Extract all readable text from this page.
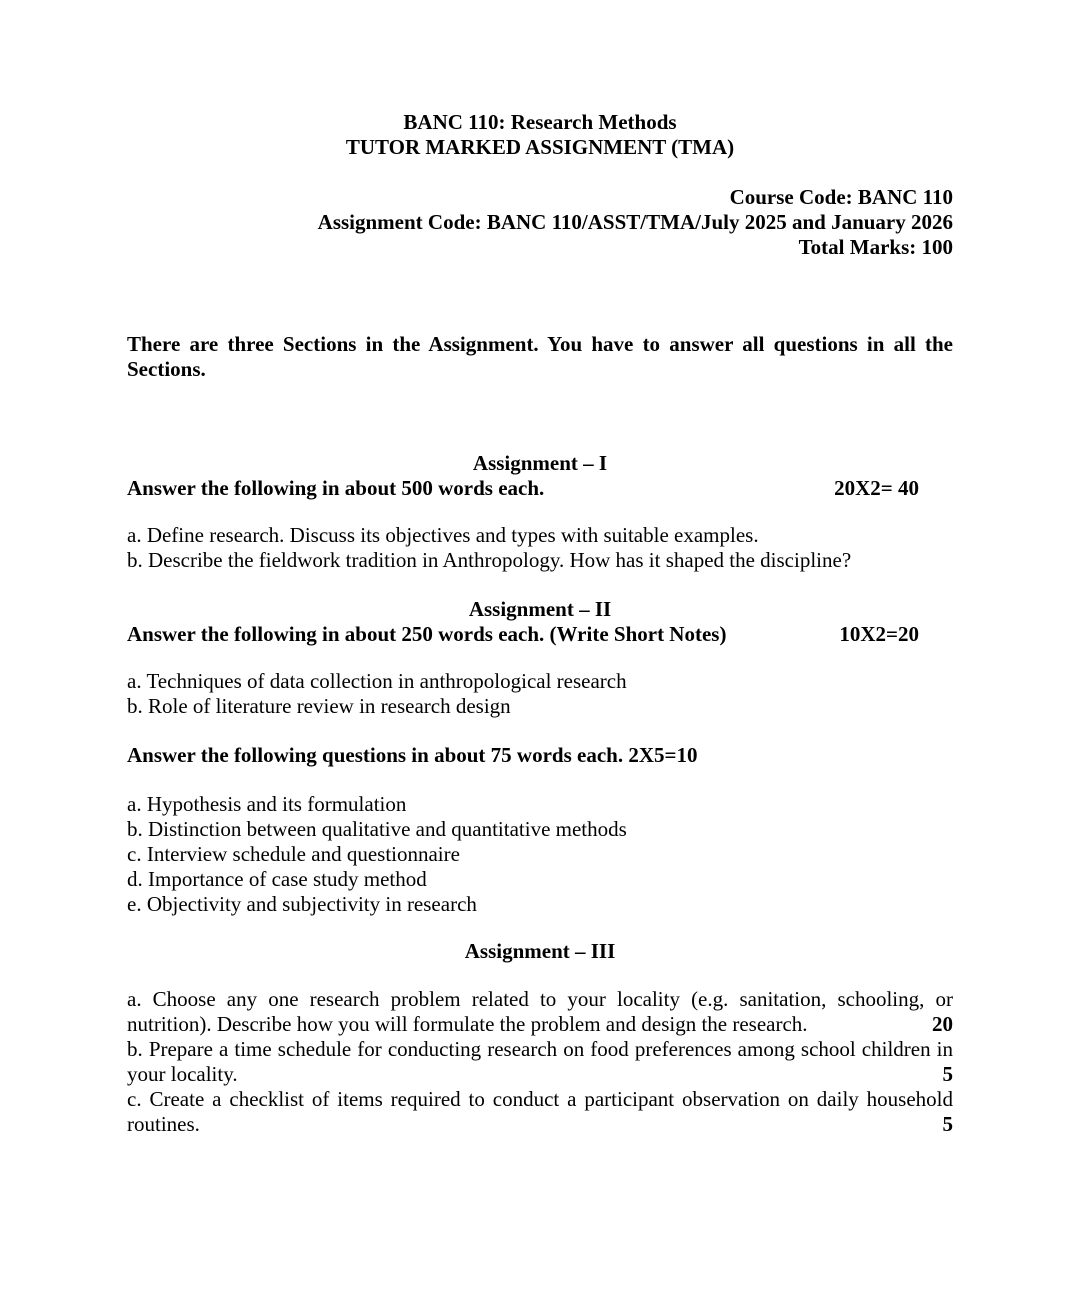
BANC 110: Research Methods
TUTOR MARKED ASSIGNMENT (TMA)
Course Code: BANC 110
Assignment Code: BANC 110/ASST/TMA/July 2025 and January 2026
Total Marks: 100

There are three Sections in the Assignment. You have to answer all questions in all the Sections.

Assignment – I
Answer the following in about 500 words each.	20X2= 40
a. Define research. Discuss its objectives and types with suitable examples.
b. Describe the fieldwork tradition in Anthropology. How has it shaped the discipline?
Assignment – II
Answer the following in about 250 words each. (Write Short Notes)	10X2=20
a. Techniques of data collection in anthropological research
b. Role of literature review in research design
Answer the following questions in about 75 words each. 2X5=10
a. Hypothesis and its formulation
b. Distinction between qualitative and quantitative methods
c. Interview schedule and questionnaire
d. Importance of case study method
e. Objectivity and subjectivity in research
Assignment – III

a. Choose any one research problem related to your locality (e.g. sanitation, schooling, or nutrition). Describe how you will formulate the problem and design the research.	20

b. Prepare a time schedule for conducting research on food preferences among school children in your locality.	5

c. Create a checklist of items required to conduct a participant observation on daily household routines.	5
